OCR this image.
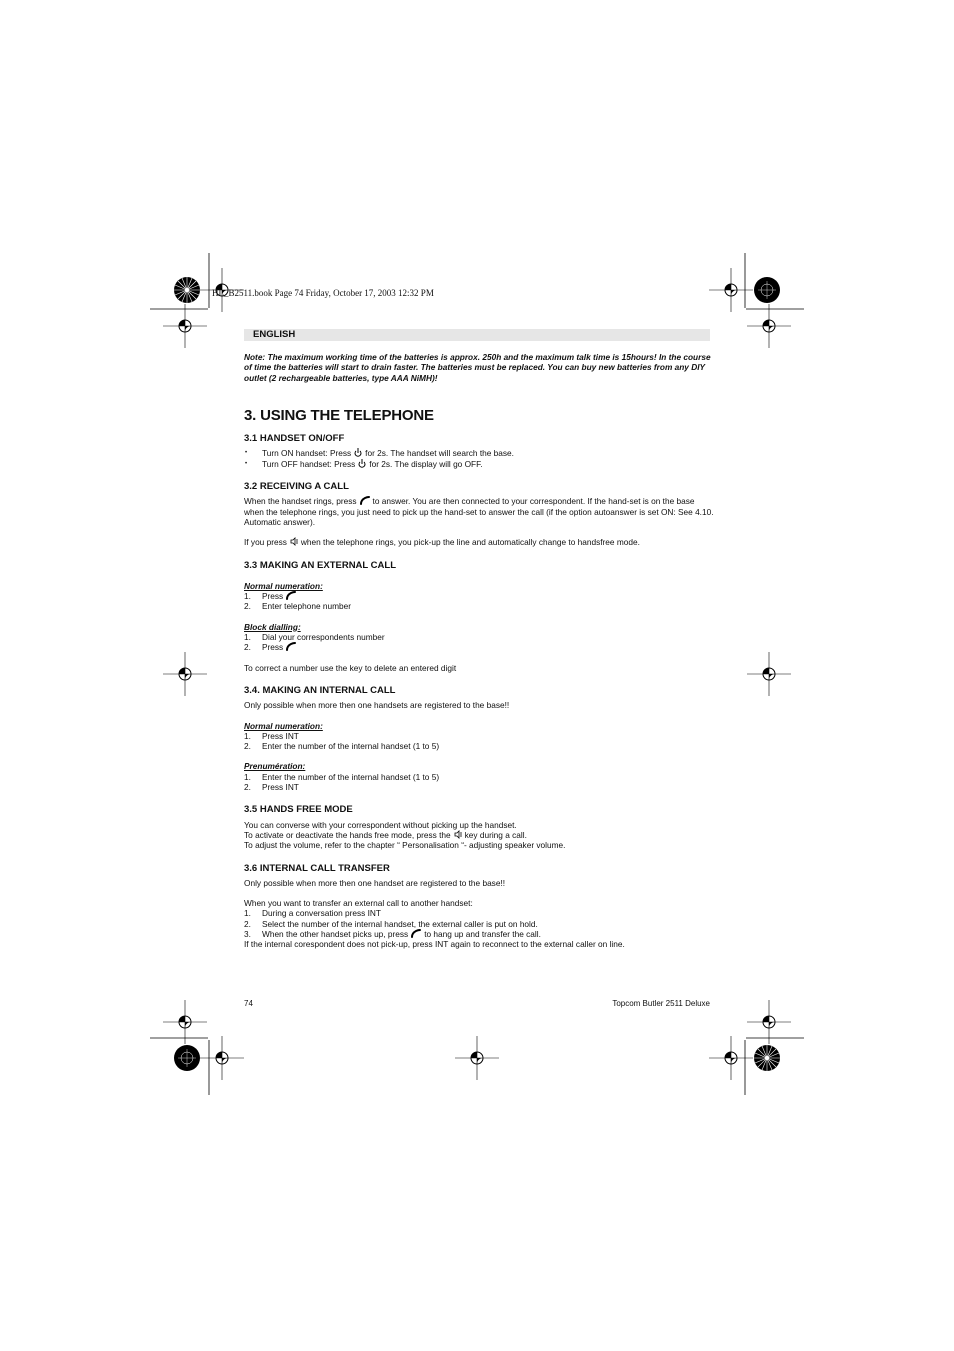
HL_B2511.book Page 74 Friday, October 17, 2003 12:32 PM
ENGLISH

Note: The maximum working time of the batteries is approx. 250h and the maximum talk time is 15hours! In the course of time the batteries will start to drain faster. The batteries must be replaced. You can buy new batteries from any DIY outlet (2 rechargeable batteries, type AAA NiMH)!

3. USING THE TELEPHONE
3.1 HANDSET ON/OFF
• Turn ON handset: Press for 2s. The handset will search the base.
• Turn OFF handset: Press for 2s. The display will go OFF.
3.2 RECEIVING A CALL

When the handset rings, press to answer. You are then connected to your correspondent. If the hand-set is on the base when the telephone rings, you just need to pick up the hand-set to answer the call (if the option autoanswer is set ON: See 4.10. Automatic answer).

If you press when the telephone rings, you pick-up the line and automatically change to handsfree mode.

3.3 MAKING AN EXTERNAL CALL

Normal numeration:

1. Press
2. Enter telephone number

Block dialling:

1. Dial your correspondents number
2. Press

To correct a number use the key to delete an entered digit

3.4. MAKING AN INTERNAL CALL

Only possible when more then one handsets are registered to the base!!

Normal numeration:

1. Press INT
2. Enter the number of the internal handset (1 to 5)

Prenumération:

1. Enter the number of the internal handset (1 to 5)
2. Press INT
3.5 HANDS FREE MODE

You can converse with your correspondent without picking up the handset.

To activate or deactivate the hands free mode, press the key during a call.

To adjust the volume, refer to the chapter “ Personalisation “- adjusting speaker volume.

3.6 INTERNAL CALL TRANSFER

Only possible when more then one handset are registered to the base!!

When you want to transfer an external call to another handset:

1. During a conversation press INT
2. Select the number of the internal handset, the external caller is put on hold.
3. When the other handset picks up, press to hang up and transfer the call.

If the internal corespondent does not pick-up, press INT again to reconnect to the external caller on line.

74	Topcom Butler 2511 Deluxe
